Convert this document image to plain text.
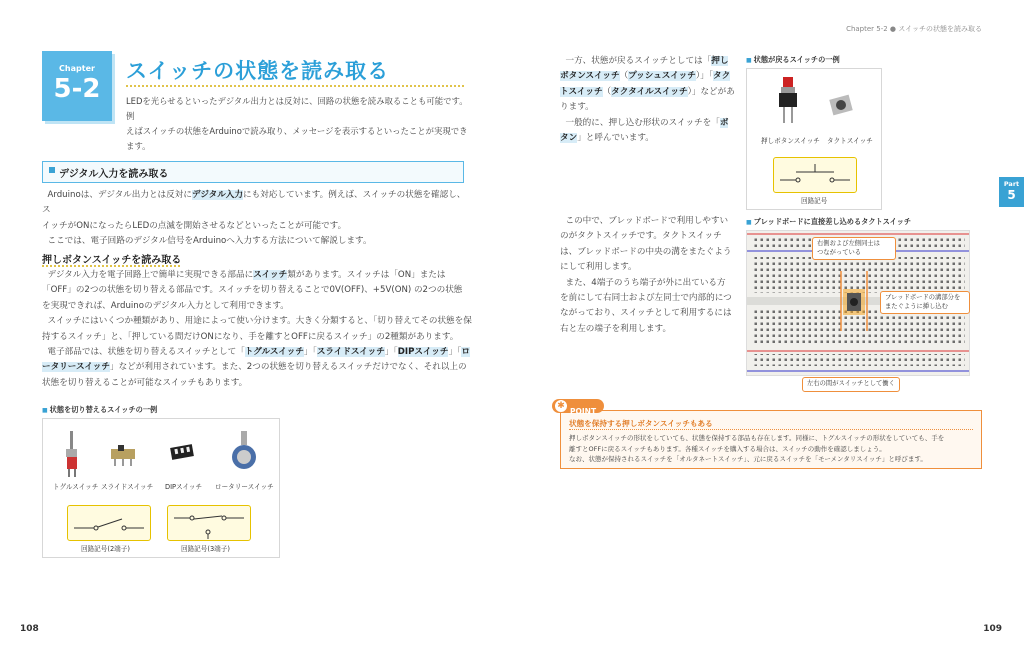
Chapter 5-2 ● スイッチの状態を読み取る
Chapter
5-2
スイッチの状態を読み取る
LEDを光らせるといったデジタル出力とは反対に、回路の状態を読み取ることも可能です。例
えばスイッチの状態をArduinoで読み取り、メッセージを表示するといったことが実現でき
ます。
デジタル入力を読み取る
Arduinoは、デジタル出力とは反対にデジタル入力にも対応しています。例えば、スイッチの状態を確認し、ス
イッチがONになったらLEDの点滅を開始させるなどといったことが可能です。
ここでは、電子回路のデジタル信号をArduinoへ入力する方法について解説します。
押しボタンスイッチを読み取る
デジタル入力を電子回路上で簡単に実現できる部品にスイッチ類があります。スイッチは「ON」または
「OFF」の2つの状態を切り替える部品です。スイッチを切り替えることで0V(OFF)、+5V(ON) の2つの状態
を実現できれば、Arduinoのデジタル入力として利用できます。
スイッチにはいくつか種類があり、用途によって使い分けます。大きく分類すると、「切り替えてその状態を保
持するスイッチ」と、「押している間だけONになり、手を離すとOFFに戻るスイッチ」の2種類があります。
電子部品では、状態を切り替えるスイッチとして「トグルスイッチ」「スライドスイッチ」「DIPスイッチ」「ロ
ータリースイッチ」などが利用されています。また、2つの状態を切り替えるスイッチだけでなく、それ以上の
状態を切り替えることが可能なスイッチもあります。
■ 状態を切り替えるスイッチの一例
トグルスイッチ スライドスイッチ DIPスイッチ ロータリースイッチ
回路記号(2端子)	回路記号(3端子)
一方、状態が戻るスイッチとしては「押し
ボタンスイッチ（プッシュスイッチ）」「タク
トスイッチ（タクタイルスイッチ）」などがあ
ります。
一般的に、押し込む形状のスイッチを「ボ
タン」と呼んでいます。
この中で、ブレッドボードで利用しやすい
のがタクトスイッチです。タクトスイッチ
は、ブレッドボードの中央の溝をまたぐよう
にして利用します。
また、4端子のうち端子が外に出ている方
を前にして右同士および左同士で内部的につ
ながっており、スイッチとして利用するには
右と左の端子を利用します。
■ 状態が戻るスイッチの一例
押しボタンスイッチ タクトスイッチ
回路記号
■ ブレッドボードに直接差し込めるタクトスイッチ
右側および左側同士は
つながっている
ブレッドボードの溝部分を
またぐように挿し込む
左右の間がスイッチとして働く
Part
5
状態を保持する押しボタンスイッチもある
押しボタンスイッチの形状をしていても、状態を保持する部品も存在します。同様に、トグルスイッチの形状をしていても、手を
離すとOFFに戻るスイッチもあります。各種スイッチを購入する場合は、スイッチの動作を確認しましょう。
なお、状態が保持されるスイッチを「オルタネートスイッチ」、元に戻るスイッチを「モーメンタリスイッチ」と呼びます。
✱
POINT
108	109
